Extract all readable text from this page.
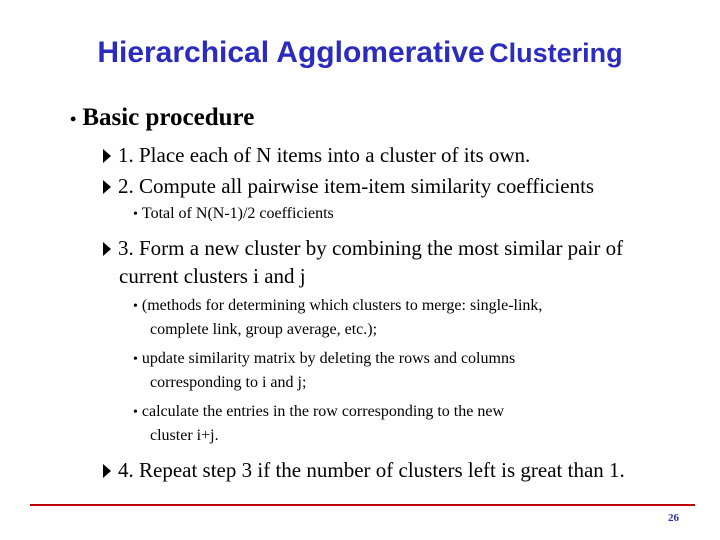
Hierarchical Agglomerative Clustering
• Basic procedure
1. Place each of N items into a cluster of its own.
2. Compute all pairwise item-item similarity coefficients
• Total of N(N-1)/2 coefficients
3. Form a new cluster by combining the most similar pair of
current clusters i and j
• (methods for determining which clusters to merge: single-link,
complete link, group average, etc.);
• update similarity matrix by deleting the rows and columns
corresponding to i and j;
• calculate the entries in the row corresponding to the new
cluster i+j.
4. Repeat step 3 if the number of clusters left is great than 1.
26
